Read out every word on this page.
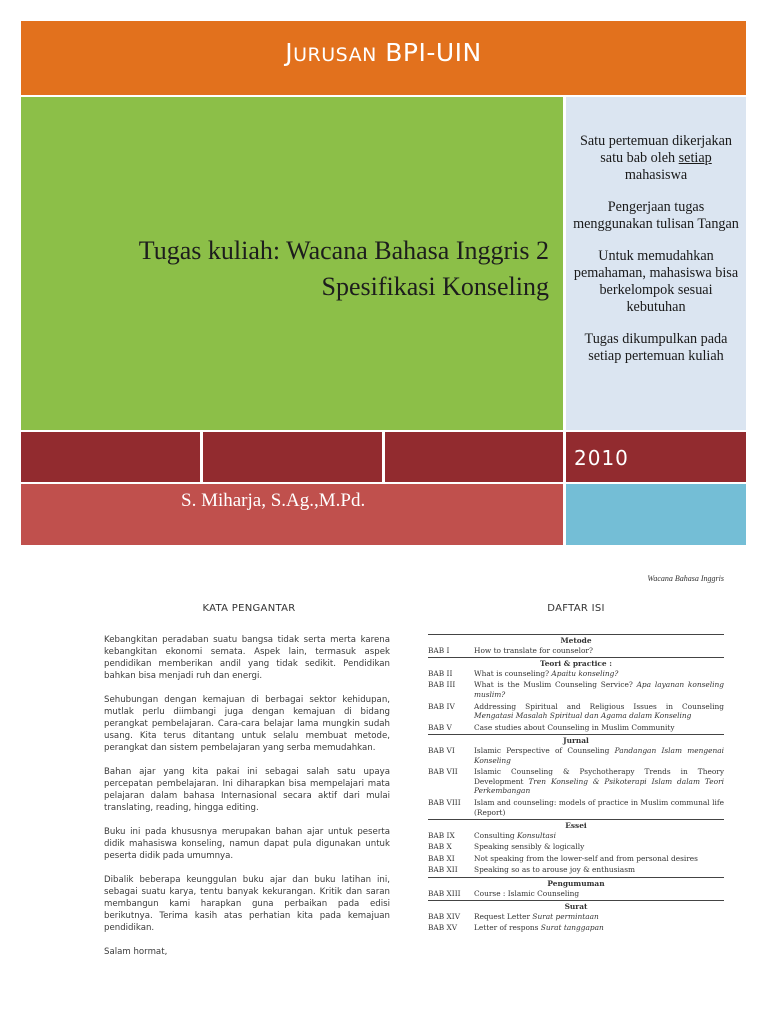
JURUSAN BPI-UIN
Tugas kuliah: Wacana Bahasa Inggris 2
Spesifikasi Konseling

Satu pertemuan dikerjakan satu bab oleh setiap mahasiswa

Pengerjaan tugas menggunakan tulisan Tangan

Untuk memudahkan pemahaman, mahasiswa bisa berkelompok sesuai kebutuhan

Tugas dikumpulkan pada setiap pertemuan kuliah

2010
S. Miharja, S.Ag.,M.Pd.
Wacana Bahasa Inggris
KATA PENGANTAR

Kebangkitan peradaban suatu bangsa tidak serta merta karena kebangkitan ekonomi semata. Aspek lain, termasuk aspek pendidikan memberikan andil yang tidak sedikit. Pendidikan bahkan bisa menjadi ruh dan energi.

Sehubungan dengan kemajuan di berbagai sektor kehidupan, mutlak perlu diimbangi juga dengan kemajuan di bidang perangkat pembelajaran. Cara-cara belajar lama mungkin sudah usang. Kita terus ditantang untuk selalu membuat metode, perangkat dan sistem pembelajaran yang serba memudahkan.

Bahan ajar yang kita pakai ini sebagai salah satu upaya percepatan pembelajaran. Ini diharapkan bisa mempelajari mata pelajaran dalam bahasa Internasional secara aktif dari mulai translating, reading, hingga editing.

Buku ini pada khususnya merupakan bahan ajar untuk peserta didik mahasiswa konseling, namun dapat pula digunakan untuk peserta didik pada umumnya.

Dibalik beberapa keunggulan buku ajar dan buku latihan ini, sebagai suatu karya, tentu banyak kekurangan. Kritik dan saran membangun kami harapkan guna perbaikan pada edisi berikutnya. Terima kasih atas perhatian kita pada kemajuan pendidikan.

Salam hormat,

DAFTAR ISI
Metode
BAB I	How to translate for counselor?
Teori & practice :
BAB II	What is counseling? Apaitu konseling?
BAB III	What is the Muslim Counseling Service? Apa layanan konseling muslim?
BAB IV	Addressing Spiritual and Religious Issues in Counseling Mengatasi Masalah Spiritual dan Agama dalam Konseling
BAB V	Case studies about Counseling in Muslim Community
Jurnal
BAB VI	Islamic Perspective of Counseling Pandangan Islam mengenai Konseling
BAB VII	Islamic Counseling & Psychotherapy Trends in Theory Development Tren Konseling & Psikoterapi Islam dalam Teori Perkembangan
BAB VIII	Islam and counseling: models of practice in Muslim communal life (Report)
Essei
BAB IX	Consulting Konsultasi
BAB X	Speaking sensibly & logically
BAB XI	Not speaking from the lower-self and from personal desires
BAB XII	Speaking so as to arouse joy & enthusiasm
Pengumuman
BAB XIII	Course : Islamic Counseling
Surat
BAB XIV	Request Letter Surat permintaan
BAB XV	Letter of respons Surat tanggapan
